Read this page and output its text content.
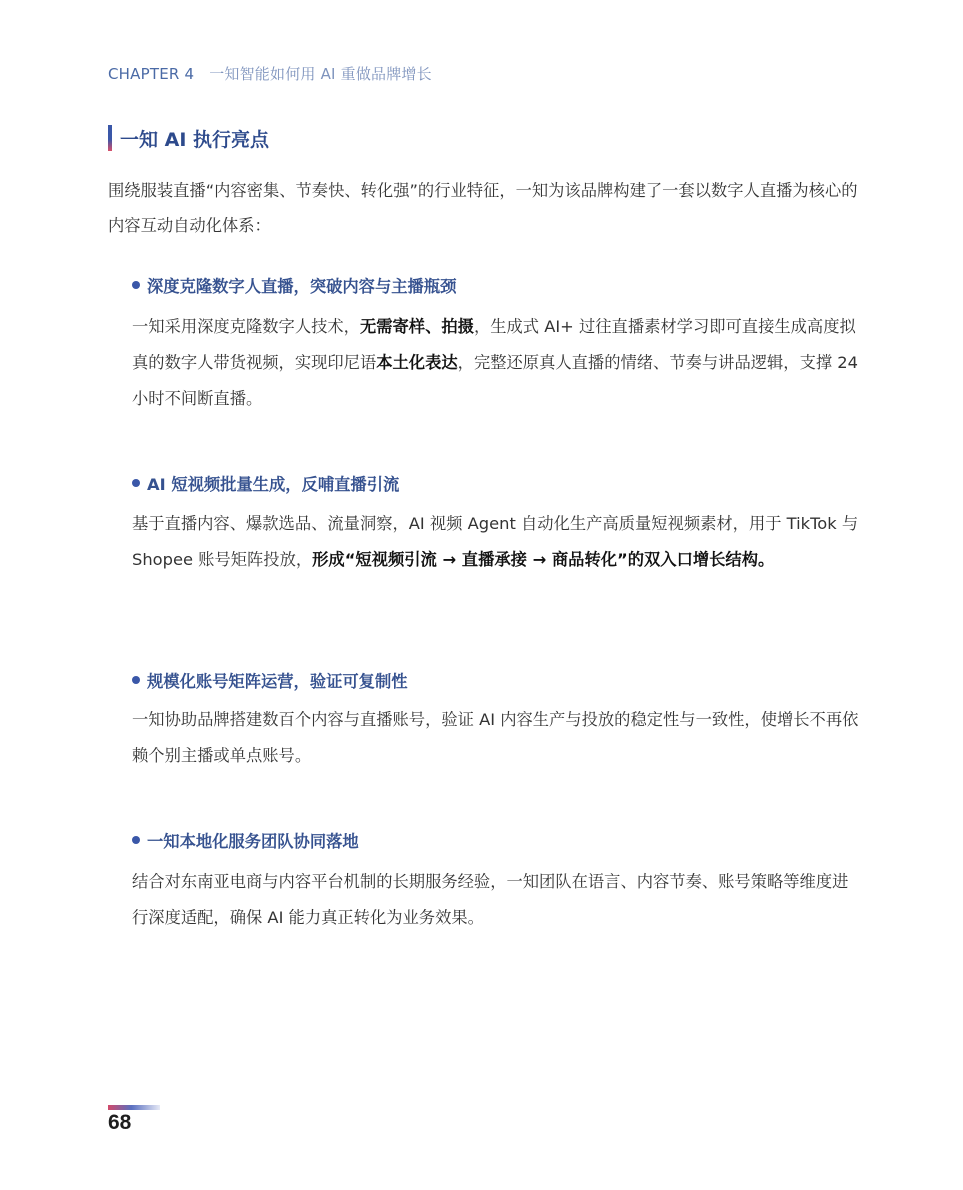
CHAPTER 4 一知智能如何用 AI 重做品牌增长
一知 AI 执行亮点
围绕服装直播“内容密集、节奏快、转化强”的行业特征，一知为该品牌构建了一套以数字人直播为核心的内容互动自动化体系：
深度克隆数字人直播，突破内容与主播瓶颈
一知采用深度克隆数字人技术，无需寄样、拍摄，生成式 AI+ 过往直播素材学习即可直接生成高度拟真的数字人带货视频，实现印尼语本土化表达，完整还原真人直播的情绪、节奏与讲品逻辑，支撑 24 小时不间断直播。
AI 短视频批量生成，反哺直播引流
基于直播内容、爆款选品、流量洞察，AI 视频 Agent 自动化生产高质量短视频素材，用于 TikTok 与 Shopee 账号矩阵投放，形成“短视频引流 → 直播承接 → 商品转化”的双入口增长结构。
规模化账号矩阵运营，验证可复制性
一知协助品牌搭建数百个内容与直播账号，验证 AI 内容生产与投放的稳定性与一致性，使增长不再依赖个别主播或单点账号。
一知本地化服务团队协同落地
结合对东南亚电商与内容平台机制的长期服务经验，一知团队在语言、内容节奏、账号策略等维度进行深度适配，确保 AI 能力真正转化为业务效果。
68
